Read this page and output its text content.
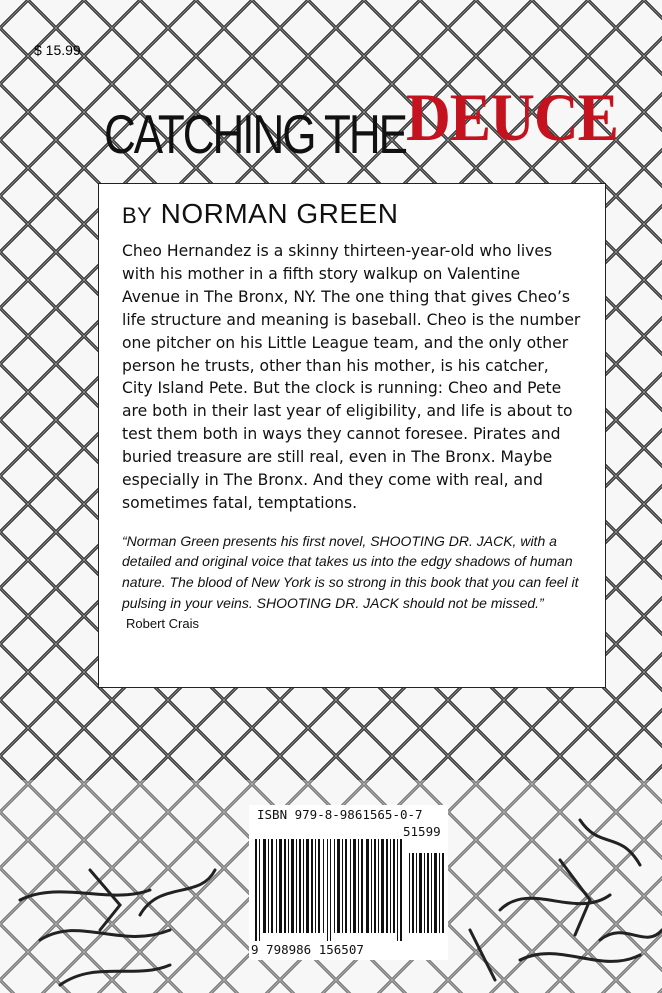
$ 15.99
CATCHING THEDEUCE
BY NORMAN GREEN
Cheo Hernandez is a skinny thirteen-year-old who lives with his mother in a fifth story walkup on Valentine Avenue in The Bronx, NY. The one thing that gives Cheo’s life structure and meaning is baseball. Cheo is the number one pitcher on his Little League team, and the only other person he trusts, other than his mother, is his catcher, City Island Pete. But the clock is running: Cheo and Pete are both in their last year of eligibility, and life is about to test them both in ways they cannot foresee. Pirates and buried treasure are still real, even in The Bronx. Maybe especially in The Bronx. And they come with real, and sometimes fatal, temptations.
“Norman Green presents his first novel, SHOOTING DR. JACK, with a detailed and original voice that takes us into the edgy shadows of human nature. The blood of New York is so strong in this book that you can feel it pulsing in your veins. SHOOTING DR. JACK should not be missed.” Robert Crais
ISBN 979-8-9861565-0-7
51599
9 798986 156507
